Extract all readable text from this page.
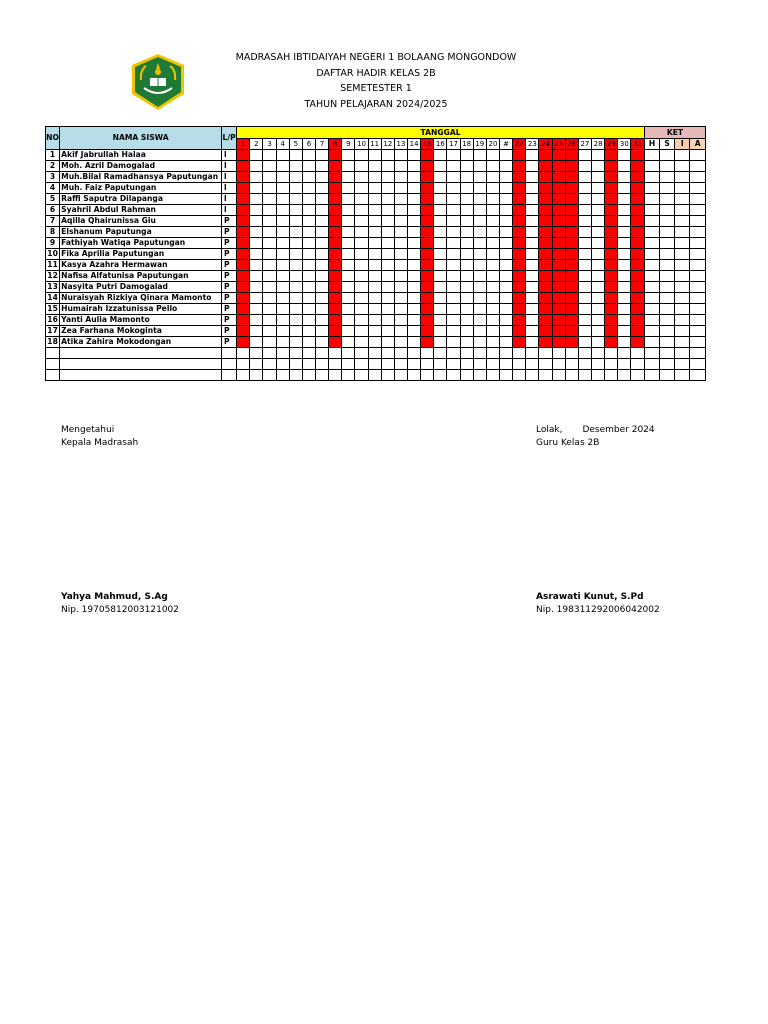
MADRASAH IBTIDAIYAH NEGERI 1 BOLAANG MONGONDOW
DAFTAR HADIR KELAS 2B
SEMETESTER 1
TAHUN PELAJARAN 2024/2025
NO	NAMA SISWA	L/P	TANGGAL																															KET			
			1	2	3	4	5	6	7	8	9	10	11	12	13	14	15	16	17	18	19	20	#	22	23	24	25	26	27	28	29	30	31	H	S	I	A
1	Akif Jabrullah Halaa	l																																			
2	Moh. Azril Damogalad	l																																			
3	Muh.Bilal Ramadhansya Paputungan	l																																			
4	Muh. Faiz Paputungan	l																																			
5	Raffi Saputra Dilapanga	l																																			
6	Syahril Abdul Rahman	l																																			
7	Aqilla Qhairunissa Giu	P																																			
8	Elshanum Paputunga	P																																			
9	Fathiyah Watiqa Paputungan	P																																			
10	Fika Aprilia Paputungan	P																																			
11	Kasya Azahra Hermawan	P																																			
12	Nafisa Alfatunisa Paputungan	P																																			
13	Nasyita Putri Damogalad	P																																			
14	Nuraisyah Rizkiya Qinara Mamonto	P																																			
15	Humairah Izzatunissa Pello	P																																			
16	Yanti Aulia Mamonto	P																																			
17	Zea Farhana Mokoginta	P																																			
18	Atika Zahira Mokodongan	P																																			

Mengetahui
Kepala Madrasah
Yahya Mahmud, S.Ag
Nip. 19705812003121002
Lolak, Desember 2024
Guru Kelas 2B
Asrawati Kunut, S.Pd
Nip. 198311292006042002
